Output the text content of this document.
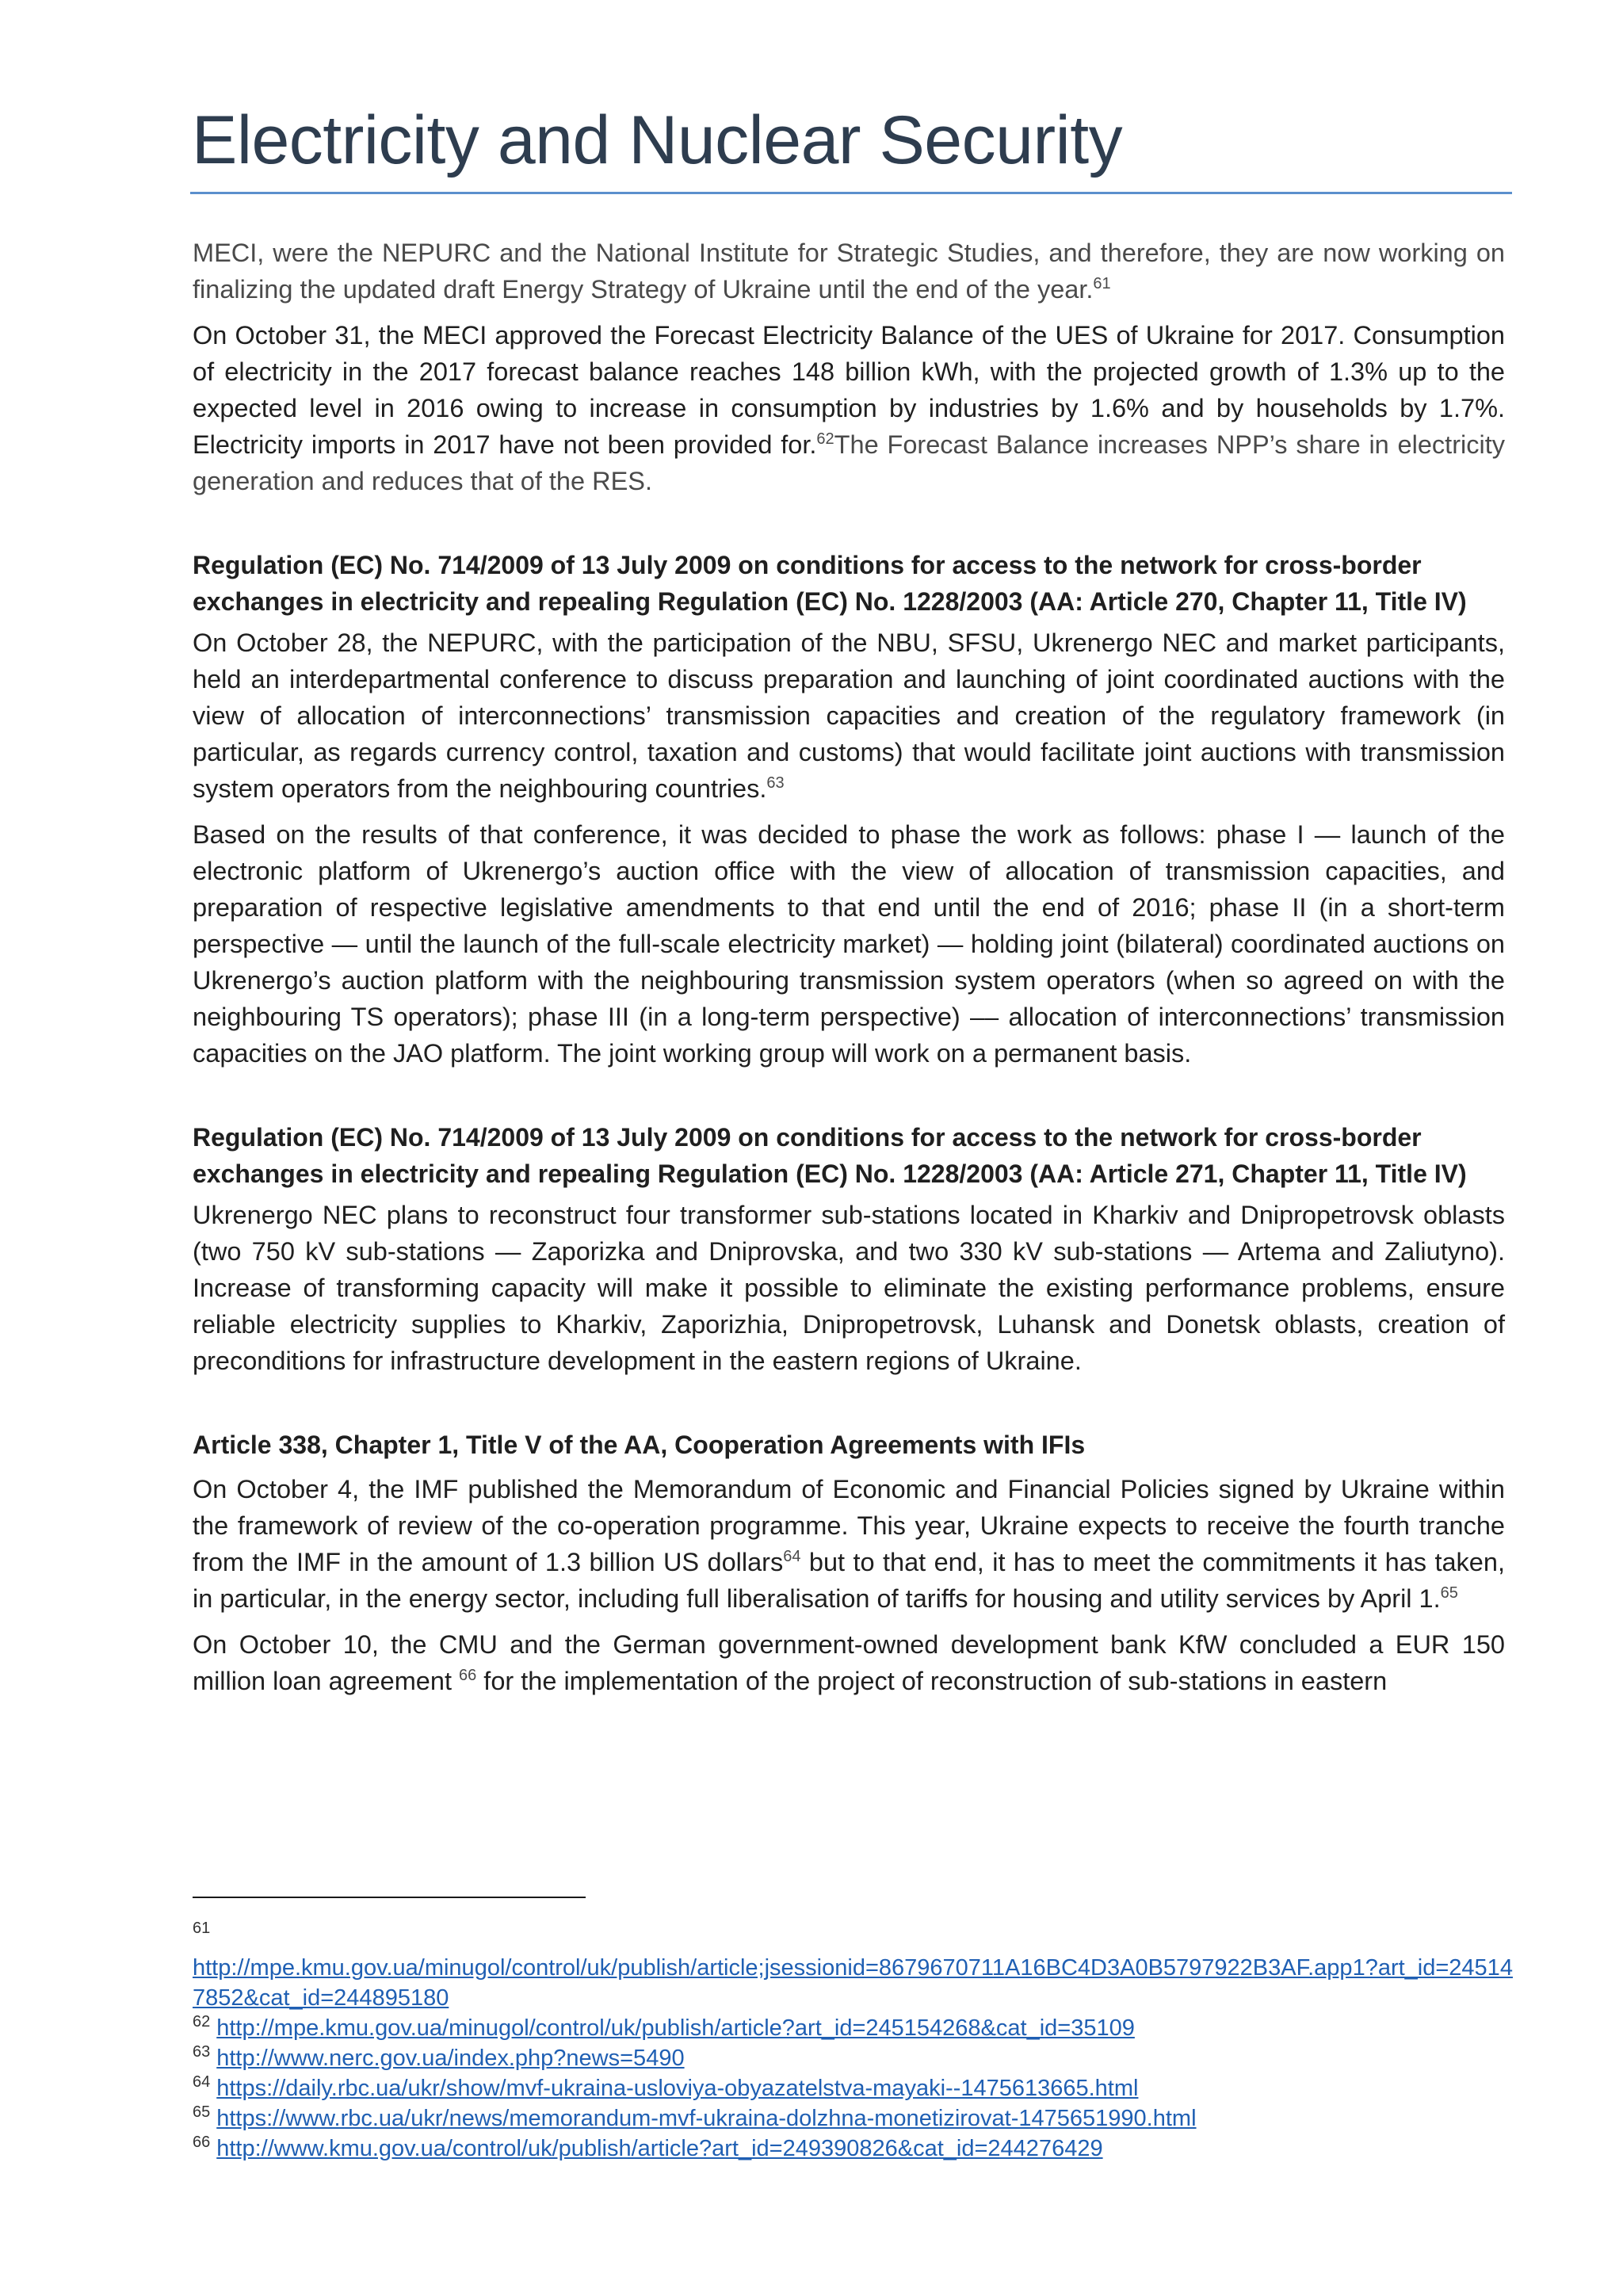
Electricity and Nuclear Security

MECI, were the NEPURC and the National Institute for Strategic Studies, and therefore, they are now working on finalizing the updated draft Energy Strategy of Ukraine until the end of the year.$^{61}$

On October 31, the MECI approved the Forecast Electricity Balance of the UES of Ukraine for 2017. Consumption of electricity in the 2017 forecast balance reaches 148 billion kWh, with the projected growth of 1.3% up to the expected level in 2016 owing to increase in consumption by industries by 1.6% and by households by 1.7%. Electricity imports in 2017 have not been provided for.$^{62}$The Forecast Balance increases NPP’s share in electricity generation and reduces that of the RES.

Regulation (EC) No. 714/2009 of 13 July 2009 on conditions for access to the network for cross-border exchanges in electricity and repealing Regulation (EC) No. 1228/2003 (AA: Article 270, Chapter 11, Title IV)

On October 28, the NEPURC, with the participation of the NBU, SFSU, Ukrenergo NEC and market participants, held an interdepartmental conference to discuss preparation and launching of joint coordinated auctions with the view of allocation of interconnections’ transmission capacities and creation of the regulatory framework (in particular, as regards currency control, taxation and customs) that would facilitate joint auctions with transmission system operators from the neighbouring countries.$^{63}$

Based on the results of that conference, it was decided to phase the work as follows: phase I — launch of the electronic platform of Ukrenergo’s auction office with the view of allocation of transmission capacities, and preparation of respective legislative amendments to that end until the end of 2016; phase II (in a short-term perspective — until the launch of the full-scale electricity market) — holding joint (bilateral) coordinated auctions on Ukrenergo’s auction platform with the neighbouring transmission system operators (when so agreed on with the neighbouring TS operators); phase III (in a long-term perspective) –– allocation of interconnections’ transmission capacities on the JAO platform. The joint working group will work on a permanent basis.

Regulation (EC) No. 714/2009 of 13 July 2009 on conditions for access to the network for cross-border exchanges in electricity and repealing Regulation (EC) No. 1228/2003 (AA: Article 271, Chapter 11, Title IV)

Ukrenergo NEC plans to reconstruct four transformer sub-stations located in Kharkiv and Dnipropetrovsk oblasts (two 750 kV sub-stations — Zaporizka and Dniprovska, and two 330 kV sub-stations — Artema and Zaliutyno). Increase of transforming capacity will make it possible to eliminate the existing performance problems, ensure reliable electricity supplies to Kharkiv, Zaporizhia, Dnipropetrovsk, Luhansk and Donetsk oblasts, creation of preconditions for infrastructure development in the eastern regions of Ukraine.

Article 338, Chapter 1, Title V of the AA, Cooperation Agreements with IFIs

On October 4, the IMF published the Memorandum of Economic and Financial Policies signed by Ukraine within the framework of review of the co-operation programme. This year, Ukraine expects to receive the fourth tranche from the IMF in the amount of 1.3 billion US dollars$^{64}$ but to that end, it has to meet the commitments it has taken, in particular, in the energy sector, including full liberalisation of tariffs for housing and utility services by April 1.65

On October 10, the CMU and the German government-owned development bank KfW concluded a EUR 150 million loan agreement $^{66}$ for the implementation of the project of reconstruction of sub-stations in eastern

61

http://mpe.kmu.gov.ua/minugol/control/uk/publish/article;jsessionid=8679670711A16BC4D3A0B5797922B3AF.app1?art_id=245147852&cat_id=244895180

$^{62}$ http://mpe.kmu.gov.ua/minugol/control/uk/publish/article?art_id=245154268&cat_id=35109

$^{63}$ http://www.nerc.gov.ua/index.php?news=5490

$^{64}$ https://daily.rbc.ua/ukr/show/mvf-ukraina-usloviya-obyazatelstva-mayaki--1475613665.html

$^{65}$ https://www.rbc.ua/ukr/news/memorandum-mvf-ukraina-dolzhna-monetizirovat-1475651990.html

$^{66}$ http://www.kmu.gov.ua/control/uk/publish/article?art_id=249390826&cat_id=244276429
